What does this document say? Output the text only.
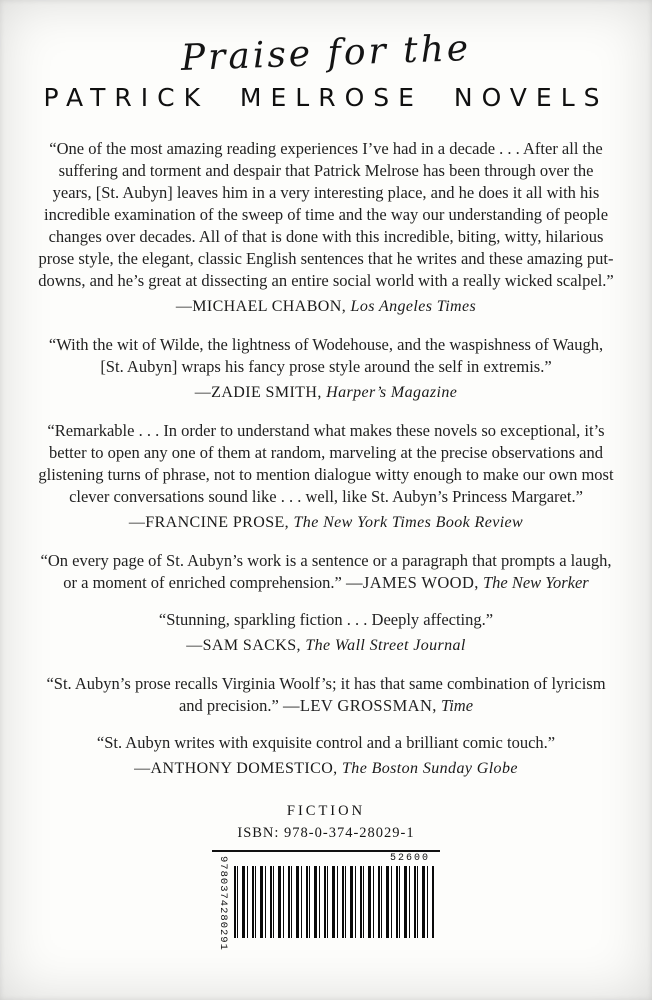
Praise for the
PATRICK MELROSE NOVELS

“One of the most amazing reading experiences I’ve had in a decade . . . After all the suffering and torment and despair that Patrick Melrose has been through over the years, [St. Aubyn] leaves him in a very interesting place, and he does it all with his incredible examination of the sweep of time and the way our understanding of people changes over decades. All of that is done with this incredible, biting, witty, hilarious prose style, the elegant, classic English sentences that he writes and these amazing put-downs, and he’s great at dissecting an entire social world with a really wicked scalpel.”

—MICHAEL CHABON, Los Angeles Times

“With the wit of Wilde, the lightness of Wodehouse, and the waspishness of Waugh, [St. Aubyn] wraps his fancy prose style around the self in extremis.”

—ZADIE SMITH, Harper’s Magazine

“Remarkable . . . In order to understand what makes these novels so exceptional, it’s better to open any one of them at random, marveling at the precise observations and glistening turns of phrase, not to mention dialogue witty enough to make our own most clever conversations sound like . . . well, like St. Aubyn’s Princess Margaret.”

—FRANCINE PROSE, The New York Times Book Review

“On every page of St. Aubyn’s work is a sentence or a paragraph that prompts a laugh, or a moment of enriched comprehension.” —JAMES WOOD, The New Yorker

“Stunning, sparkling fiction . . . Deeply affecting.”

—SAM SACKS, The Wall Street Journal

“St. Aubyn’s prose recalls Virginia Woolf’s; it has that same combination of lyricism and precision.” —LEV GROSSMAN, Time

“St. Aubyn writes with exquisite control and a brilliant comic touch.”

—ANTHONY DOMESTICO, The Boston Sunday Globe

FICTION
ISBN: 978-0-374-28029-1
52600
9780374280291
